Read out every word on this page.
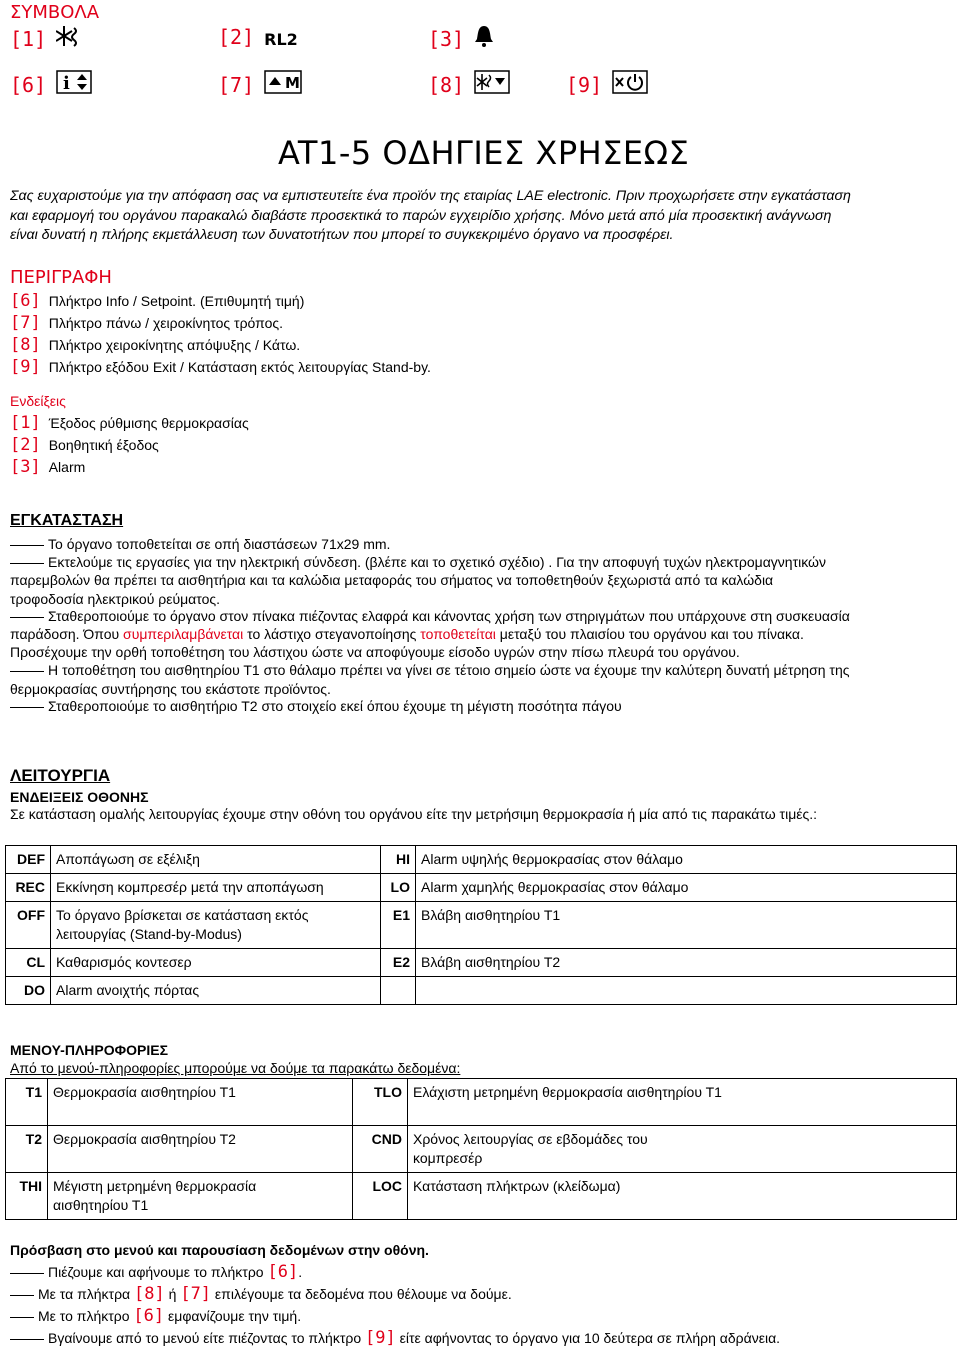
ΣΥΜΒΟΛΑ
[1]	[2] RL2	[3]
[6] i	[7] M	[8]	[9]
AT1-5 ΟΔΗΓΙΕΣ ΧΡΗΣΕΩΣ
Σας ευχαριστούμε για την απόφαση σας να εμπιστευτείτε ένα προϊόν της εταιρίας LAE electronic. Πριν προχωρήσετε στην εγκατάσταση
και εφαρμογή του οργάνου παρακαλώ διαβάστε προσεκτικά το παρών εγχειρίδιο χρήσης. Μόνο μετά από μία προσεκτική ανάγνωση
είναι δυνατή η πλήρης εκμετάλλευση των δυνατοτήτων που μπορεί το συγκεκριμένο όργανο να προσφέρει.
ΠΕΡΙΓΡΑΦΗ
[6] Πλήκτρο Info / Setpoint. (Επιθυμητή τιμή)
[7] Πλήκτρο πάνω / χειροκίνητος τρόπος.
[8] Πλήκτρο χειροκίνητης απόψυξης / Κάτω.
[9] Πλήκτρο εξόδου Exit / Κατάσταση εκτός λειτουργίας Stand-by.
Ενδείξεις
[1] Έξοδος ρύθμισης θερμοκρασίας
[2] Βοηθητική έξοδος
[3] Alarm
ΕΓΚΑΤΑΣΤΑΣΗ
Το όργανο τοποθετείται σε οπή διαστάσεων 71x29 mm.
Εκτελούμε τις εργασίες για την ηλεκτρική σύνδεση. (βλέπε και το σχετικό σχέδιο) . Για την αποφυγή τυχών ηλεκτρομαγνητικών
παρεμβολών θα πρέπει τα αισθητήρια και τα καλώδια μεταφοράς του σήματος να τοποθετηθούν ξεχωριστά από τα καλώδια
τροφοδοσία ηλεκτρικού ρεύματος.
Σταθεροποιούμε το όργανο στον πίνακα πιέζοντας ελαφρά και κάνοντας χρήση των στηριγμάτων που υπάρχουνε στη συσκευασία
παράδοση. Όπου συμπεριλαμβάνεται το λάστιχο στεγανοποίησης τοποθετείται μεταξύ του πλαισίου του οργάνου και του πίνακα.
Προσέχουμε την ορθή τοποθέτηση του λάστιχου ώστε να αποφύγουμε είσοδο υγρών στην πίσω πλευρά του οργάνου.
Η τοποθέτηση του αισθητηρίου Τ1 στο θάλαμο πρέπει να γίνει σε τέτοιο σημείο ώστε να έχουμε την καλύτερη δυνατή μέτρηση της
θερμοκρασίας συντήρησης του εκάστοτε προϊόντος.
Σταθεροποιούμε το αισθητήριο Τ2 στο στοιχείο εκεί όπου έχουμε τη μέγιστη ποσότητα πάγου
ΛΕΙΤΟΥΡΓΙΑ
ΕΝΔΕΙΞΕΙΣ ΟΘΟΝΗΣ
Σε κατάσταση ομαλής λειτουργίας έχουμε στην οθόνη του οργάνου είτε την μετρήσιμη θερμοκρασία ή μία από τις παρακάτω τιμές.:
DEF	Αποπάγωση σε εξέλιξη	HI	Alarm υψηλής θερμοκρασίας στον θάλαμο
REC	Εκκίνηση κομπρεσέρ μετά την αποπάγωση	LO	Alarm χαμηλής θερμοκρασίας στον θάλαμο
OFF	Το όργανο βρίσκεται σε κατάσταση εκτός λειτουργίας (Stand-by-Modus)	E1	Βλάβη αισθητηρίου Τ1
CL	Καθαρισμός κοντεσερ	E2	Βλάβη αισθητηρίου Τ2
DO	Alarm ανοιχτής πόρτας		
ΜΕΝΟΥ-ΠΛΗΡΟΦΟΡΙΕΣ
Από το μενού-πληροφορίες μπορούμε να δούμε τα παρακάτω δεδομένα:
T1	Θερμοκρασία αισθητηρίου Τ1	TLO	Ελάχιστη μετρημένη θερμοκρασία αισθητηρίου Τ1
T2	Θερμοκρασία αισθητηρίου Τ2	CND	Χρόνος λειτουργίας σε εβδομάδες του κομπρεσέρ
THI	Μέγιστη μετρημένη θερμοκρασία αισθητηρίου Τ1	LOC	Κατάσταση πλήκτρων (κλείδωμα)
Πρόσβαση στο μενού και παρουσίαση δεδομένων στην οθόνη.
Πιέζουμε και αφήνουμε το πλήκτρο [6].
Με τα πλήκτρα [8] ή [7] επιλέγουμε τα δεδομένα που θέλουμε να δούμε.
Με το πλήκτρο [6] εμφανίζουμε την τιμή.
Βγαίνουμε από το μενού είτε πιέζοντας το πλήκτρο [9] είτε αφήνοντας το όργανο για 10 δεύτερα σε πλήρη αδράνεια.
